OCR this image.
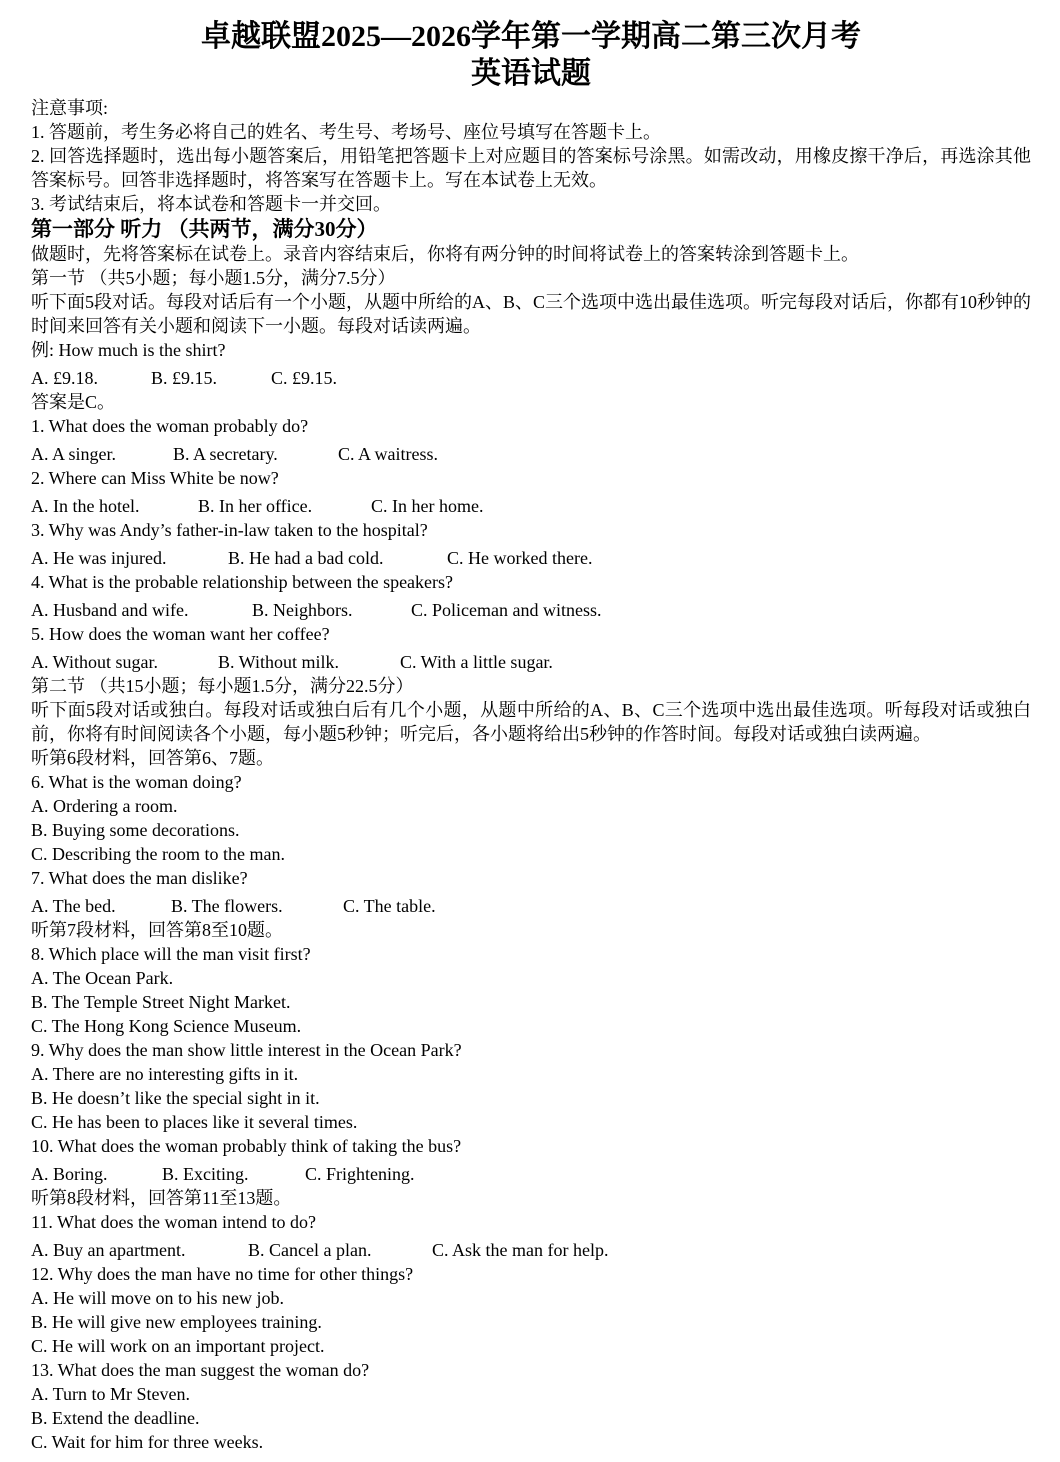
卓越联盟2025—2026学年第一学期高二第三次月考
英语试题
注意事项:
1. 答题前，考生务必将自己的姓名、考生号、考场号、座位号填写在答题卡上。
2. 回答选择题时，选出每小题答案后，用铅笔把答题卡上对应题目的答案标号涂黑。如需改动，用橡皮擦干净后，再选涂其他答案标号。回答非选择题时，将答案写在答题卡上。写在本试卷上无效。
3. 考试结束后，将本试卷和答题卡一并交回。
第一部分 听力 （共两节，满分30分）
做题时，先将答案标在试卷上。录音内容结束后，你将有两分钟的时间将试卷上的答案转涂到答题卡上。
第一节 （共5小题；每小题1.5分，满分7.5分）
听下面5段对话。每段对话后有一个小题，从题中所给的A、B、C三个选项中选出最佳选项。听完每段对话后，你都有10秒钟的时间来回答有关小题和阅读下一小题。每段对话读两遍。
例: How much is the shirt?
A. £9.18.	B. £9.15.	C. £9.15.
答案是C。
1. What does the woman probably do?
A. A singer.	B. A secretary.	C. A waitress.
2. Where can Miss White be now?
A. In the hotel.	B. In her office.	C. In her home.
3. Why was Andy’s father-in-law taken to the hospital?
A. He was injured.	B. He had a bad cold.	C. He worked there.
4. What is the probable relationship between the speakers?
A. Husband and wife.	B. Neighbors.	C. Policeman and witness.
5. How does the woman want her coffee?
A. Without sugar.	B. Without milk.	C. With a little sugar.
第二节 （共15小题；每小题1.5分，满分22.5分）
听下面5段对话或独白。每段对话或独白后有几个小题，从题中所给的A、B、C三个选项中选出最佳选项。听每段对话或独白前，你将有时间阅读各个小题，每小题5秒钟；听完后，各小题将给出5秒钟的作答时间。每段对话或独白读两遍。
听第6段材料，回答第6、7题。
6. What is the woman doing?
A. Ordering a room.
B. Buying some decorations.
C. Describing the room to the man.
7. What does the man dislike?
A. The bed.	B. The flowers.	C. The table.
听第7段材料，回答第8至10题。
8. Which place will the man visit first?
A. The Ocean Park.
B. The Temple Street Night Market.
C. The Hong Kong Science Museum.
9. Why does the man show little interest in the Ocean Park?
A. There are no interesting gifts in it.
B. He doesn’t like the special sight in it.
C. He has been to places like it several times.
10. What does the woman probably think of taking the bus?
A. Boring.	B. Exciting.	C. Frightening.
听第8段材料，回答第11至13题。
11. What does the woman intend to do?
A. Buy an apartment.	B. Cancel a plan.	C. Ask the man for help.
12. Why does the man have no time for other things?
A. He will move on to his new job.
B. He will give new employees training.
C. He will work on an important project.
13. What does the man suggest the woman do?
A. Turn to Mr Steven.
B. Extend the deadline.
C. Wait for him for three weeks.
